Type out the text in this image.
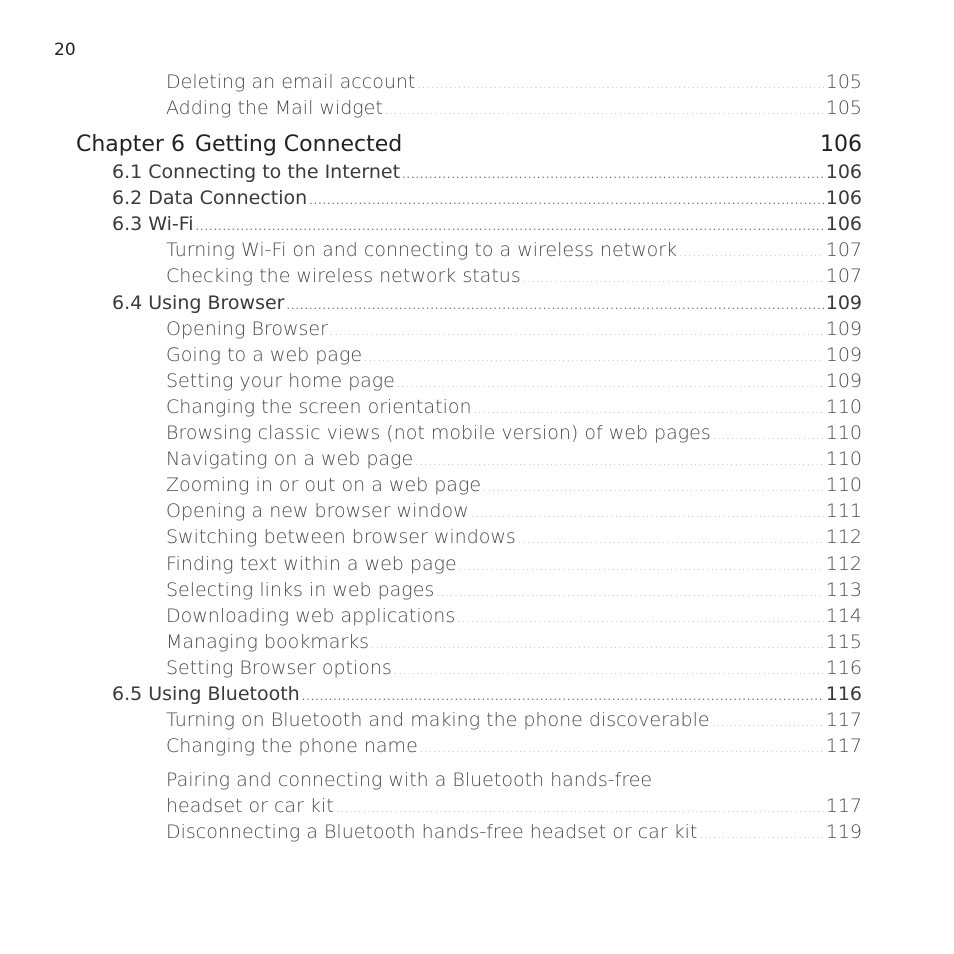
20
Deleting an email account .....	105
Adding the Mail widget .....	105
Chapter 6 Getting Connected	106
6.1 Connecting to the Internet .....	106
6.2 Data Connection .....	106
6.3 Wi-Fi .....	106
Turning Wi-Fi on and connecting to a wireless network .....	107
Checking the wireless network status .....	107
6.4 Using Browser .....	109
Opening Browser .....	109
Going to a web page .....	109
Setting your home page .....	109
Changing the screen orientation .....	110
Browsing classic views (not mobile version) of web pages .....	110
Navigating on a web page .....	110
Zooming in or out on a web page .....	110
Opening a new browser window .....	111
Switching between browser windows .....	112
Finding text within a web page .....	112
Selecting links in web pages .....	113
Downloading web applications .....	114
Managing bookmarks .....	115
Setting Browser options .....	116
6.5 Using Bluetooth .....	116
Turning on Bluetooth and making the phone discoverable .....	117
Changing the phone name .....	117
Pairing and connecting with a Bluetooth hands-free
headset or car kit .....	117
Disconnecting a Bluetooth hands-free headset or car kit .....	119
